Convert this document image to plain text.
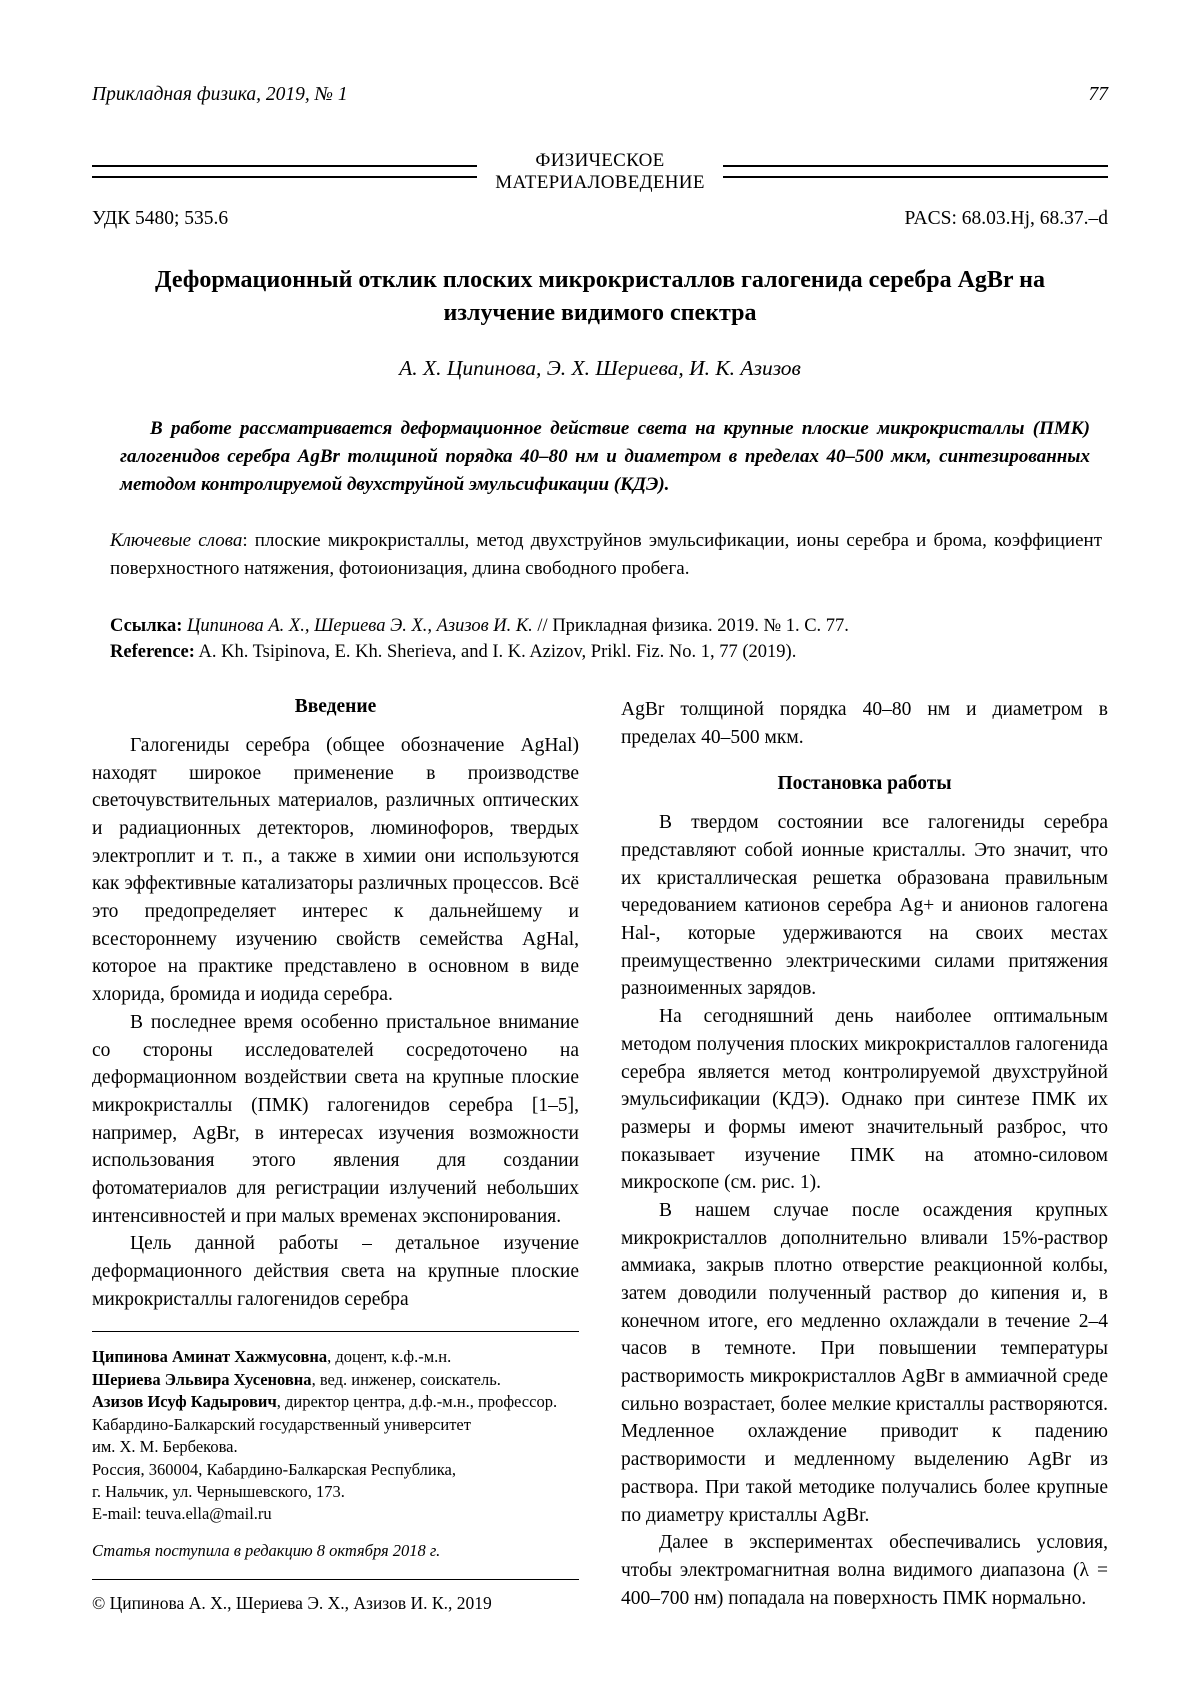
Прикладная физика, 2019, № 1	77
ФИЗИЧЕСКОЕ
МАТЕРИАЛОВЕДЕНИЕ
УДК 5480; 535.6	PACS: 68.03.Hj, 68.37.–d
Деформационный отклик плоских микрокристаллов галогенида серебра AgBr на излучение видимого спектра
А. Х. Ципинова, Э. Х. Шериева, И. К. Азизов
В работе рассматривается деформационное действие света на крупные плоские микрокристаллы (ПМК) галогенидов серебра AgBr толщиной порядка 40–80 нм и диаметром в пределах 40–500 мкм, синтезированных методом контролируемой двухструйной эмульсификации (КДЭ).
Ключевые слова: плоские микрокристаллы, метод двухструйнов эмульсификации, ионы серебра и брома, коэффициент поверхностного натяжения, фотоионизация, длина свободного пробега.
Ссылка: Ципинова А. Х., Шериева Э. Х., Азизов И. К. // Прикладная физика. 2019. № 1. С. 77.
Reference: A. Kh. Tsipinova, E. Kh. Sherieva, and I. K. Azizov, Prikl. Fiz. No. 1, 77 (2019).
Введение

Галогениды серебра (общее обозначение AgHal) находят широкое применение в производстве светочувствительных материалов, различных оптических и радиационных детекторов, люминофоров, твердых электроплит и т. п., а также в химии они используются как эффективные катализаторы различных процессов. Всё это предопределяет интерес к дальнейшему и всестороннему изучению свойств семейства AgHal, которое на практике представлено в основном в виде хлорида, бромида и иодида серебра.

В последнее время особенно пристальное внимание со стороны исследователей сосредоточено на деформационном воздействии света на крупные плоские микрокристаллы (ПМК) галогенидов серебра [1–5], например, AgBr, в интересах изучения возможности использования этого явления для создании фотоматериалов для регистрации излучений небольших интенсивностей и при малых временах экспонирования.

Цель данной работы – детальное изучение деформационного действия света на крупные плоские микрокристаллы галогенидов серебра

Ципинова Аминат Хажмусовна, доцент, к.ф.-м.н.

Шериева Эльвира Хусеновна, вед. инженер, соискатель.

Азизов Исуф Кадырович, директор центра, д.ф.-м.н., профессор.

Кабардино-Балкарский государственный университет

им. Х. М. Бербекова.

Россия, 360004, Кабардино-Балкарская Республика,

г. Нальчик, ул. Чернышевского, 173.

E-mail: teuva.ella@mail.ru

Статья поступила в редакцию 8 октября 2018 г.

© Ципинова А. Х., Шериева Э. Х., Азизов И. К., 2019

AgBr толщиной порядка 40–80 нм и диаметром в пределах 40–500 мкм.

Постановка работы

В твердом состоянии все галогениды серебра представляют собой ионные кристаллы. Это значит, что их кристаллическая решетка образована правильным чередованием катионов серебра Ag+ и анионов галогена Hal-, которые удерживаются на своих местах преимущественно электрическими силами притяжения разноименных зарядов.

На сегодняшний день наиболее оптимальным методом получения плоских микрокристаллов галогенида серебра является метод контролируемой двухструйной эмульсификации (КДЭ). Однако при синтезе ПМК их размеры и формы имеют значительный разброс, что показывает изучение ПМК на атомно-силовом микроскопе (см. рис. 1).

В нашем случае после осаждения крупных микрокристаллов дополнительно вливали 15%-раствор аммиака, закрыв плотно отверстие реакционной колбы, затем доводили полученный раствор до кипения и, в конечном итоге, его медленно охлаждали в течение 2–4 часов в темноте. При повышении температуры растворимость микрокристаллов AgBr в аммиачной среде сильно возрастает, более мелкие кристаллы растворяются. Медленное охлаждение приводит к падению растворимости и медленному выделению AgBr из раствора. При такой методике получались более крупные по диаметру кристаллы AgBr.

Далее в экспериментах обеспечивались условия, чтобы электромагнитная волна видимого диапазона (λ = 400–700 нм) попадала на поверхность ПМК нормально.
